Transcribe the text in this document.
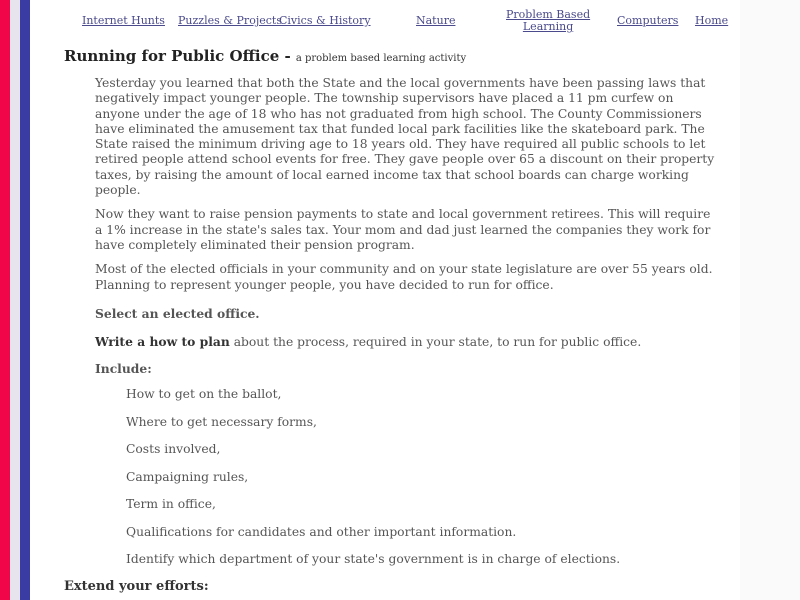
Internet Hunts Puzzles & Projects
Civics & History	Nature	Problem Based
Learning	Computers Home
Running for Public Office - a problem based learning activity

Yesterday you learned that both the State and the local governments have been passing laws that negatively impact younger people. The township supervisors have placed a 11 pm curfew on anyone under the age of 18 who has not graduated from high school. The County Commissioners have eliminated the amusement tax that funded local park facilities like the skateboard park. The State raised the minimum driving age to 18 years old. They have required all public schools to let retired people attend school events for free. They gave people over 65 a discount on their property taxes, by raising the amount of local earned income tax that school boards can charge working people.

Now they want to raise pension payments to state and local government retirees. This will require a 1% increase in the state's sales tax. Your mom and dad just learned the companies they work for have completely eliminated their pension program.

Most of the elected officials in your community and on your state legislature are over 55 years old. Planning to represent younger people, you have decided to run for office.

Select an elected office.
Write a how to plan about the process, required in your state, to run for public office.
Include:
How to get on the ballot,
Where to get necessary forms,
Costs involved,
Campaigning rules,
Term in office,
Qualifications for candidates and other important information.
Identify which department of your state's government is in charge of elections.
Extend your efforts:
